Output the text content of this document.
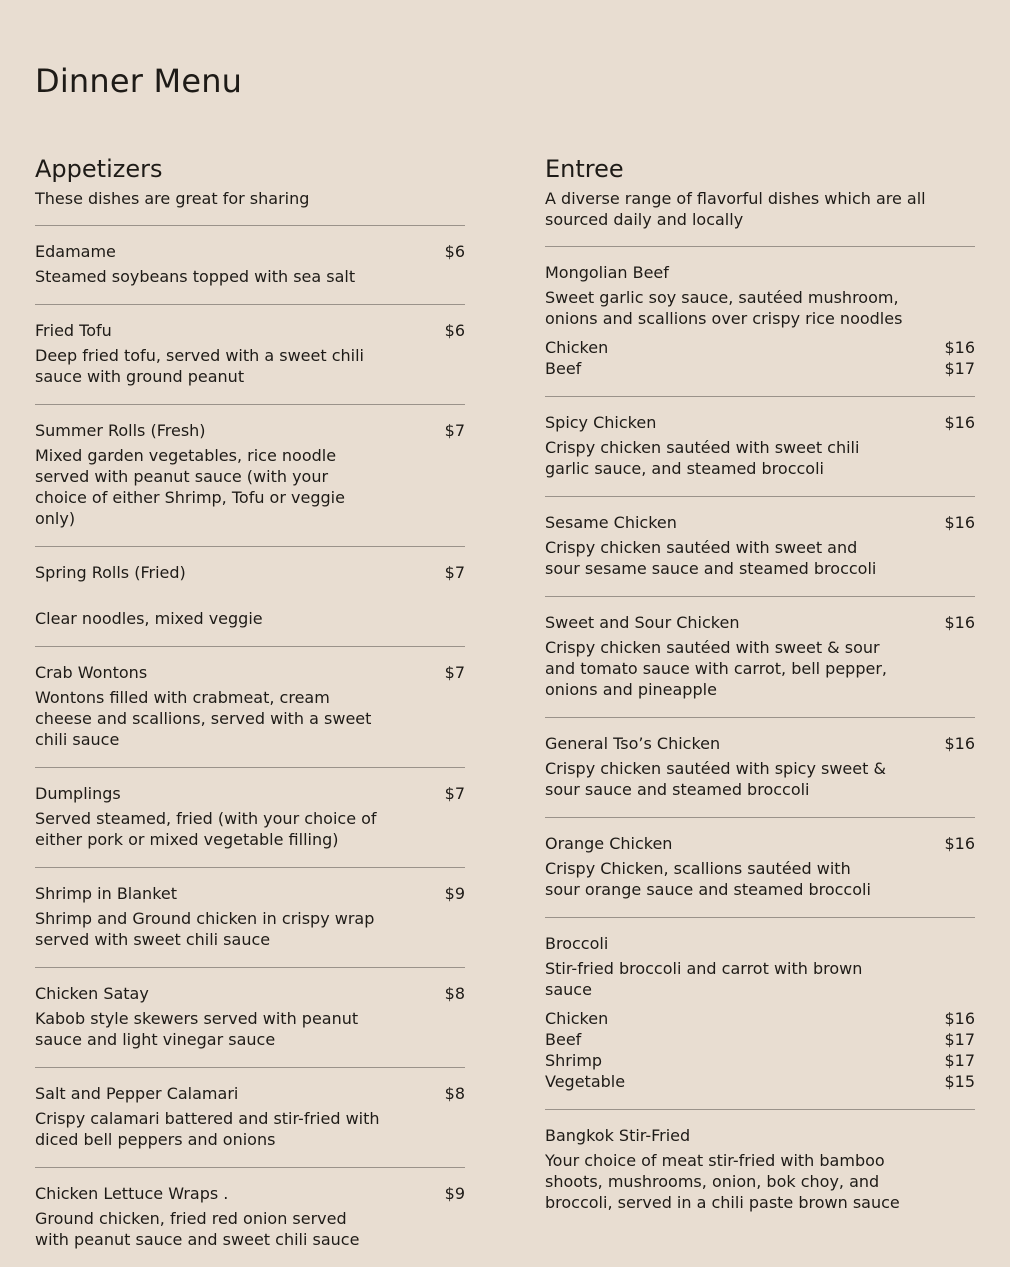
Dinner Menu
Appetizers
These dishes are great for sharing
Edamame	$6
Steamed soybeans topped with sea salt
Fried Tofu	$6
Deep fried tofu, served with a sweet chili sauce with ground peanut
Summer Rolls (Fresh)	$7
Mixed garden vegetables, rice noodle served with peanut sauce (with your choice of either Shrimp, Tofu or veggie only)
Spring Rolls (Fried)	$7
Clear noodles, mixed veggie
Crab Wontons	$7
Wontons filled with crabmeat, cream cheese and scallions, served with a sweet chili sauce
Dumplings	$7
Served steamed, fried (with your choice of either pork or mixed vegetable filling)
Shrimp in Blanket	$9
Shrimp and Ground chicken in crispy wrap served with sweet chili sauce
Chicken Satay	$8
Kabob style skewers served with peanut sauce and light vinegar sauce
Salt and Pepper Calamari	$8
Crispy calamari battered and stir-fried with diced bell peppers and onions
Chicken Lettuce Wraps .	$9
Ground chicken, fried red onion served with peanut sauce and sweet chili sauce
Entree
A diverse range of flavorful dishes which are all sourced daily and locally
Mongolian Beef
Sweet garlic soy sauce, sautéed mushroom, onions and scallions over crispy rice noodles
Chicken	$16
Beef	$17
Spicy Chicken	$16
Crispy chicken sautéed with sweet chili garlic sauce, and steamed broccoli
Sesame Chicken	$16
Crispy chicken sautéed with sweet and sour sesame sauce and steamed broccoli
Sweet and Sour Chicken	$16
Crispy chicken sautéed with sweet & sour and tomato sauce with carrot, bell pepper, onions and pineapple
General Tso’s Chicken	$16
Crispy chicken sautéed with spicy sweet & sour sauce and steamed broccoli
Orange Chicken	$16
Crispy Chicken, scallions sautéed with sour orange sauce and steamed broccoli
Broccoli
Stir-fried broccoli and carrot with brown sauce
Chicken	$16
Beef	$17
Shrimp	$17
Vegetable	$15
Bangkok Stir-Fried
Your choice of meat stir-fried with bamboo shoots, mushrooms, onion, bok choy, and broccoli, served in a chili paste brown sauce
